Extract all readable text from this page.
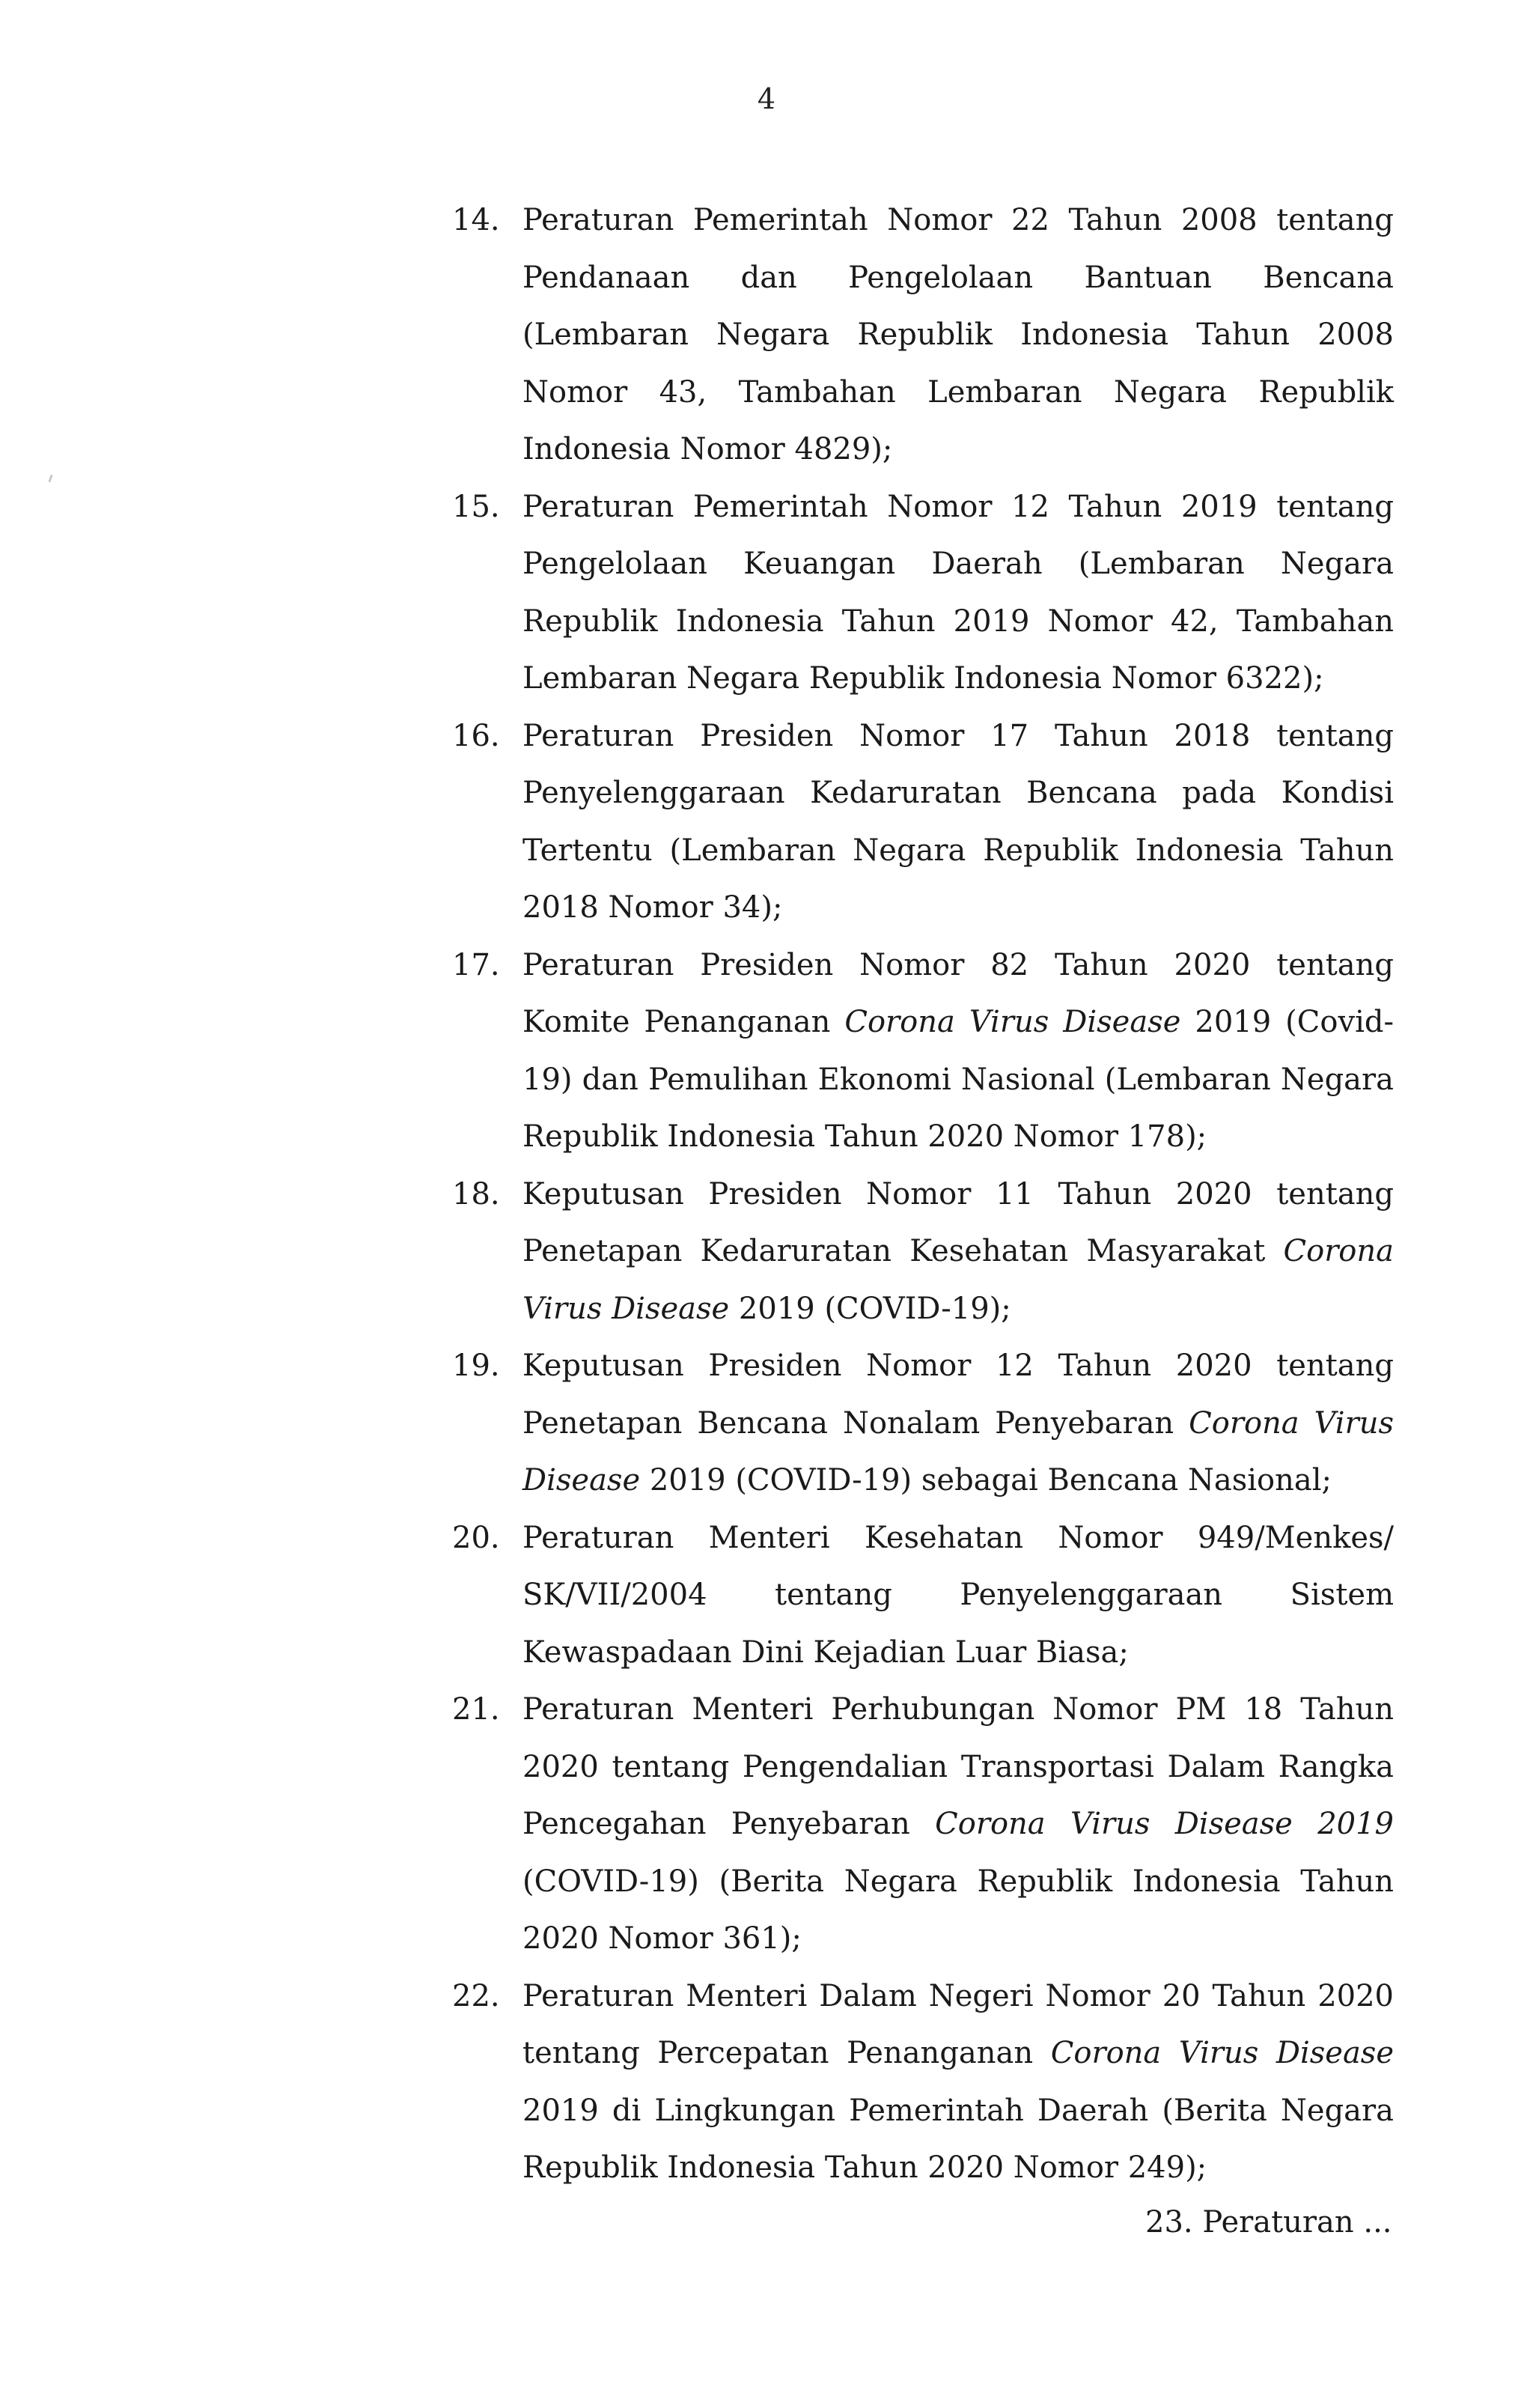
4
14. Peraturan Pemerintah Nomor 22 Tahun 2008 tentang Pendanaan dan Pengelolaan Bantuan Bencana (Lembaran Negara Republik Indonesia Tahun 2008 Nomor 43, Tambahan Lembaran Negara Republik Indonesia Nomor 4829);
15. Peraturan Pemerintah Nomor 12 Tahun 2019 tentang Pengelolaan Keuangan Daerah (Lembaran Negara Republik Indonesia Tahun 2019 Nomor 42, Tambahan Lembaran Negara Republik Indonesia Nomor 6322);
16. Peraturan Presiden Nomor 17 Tahun 2018 tentang Penyelenggaraan Kedaruratan Bencana pada Kondisi Tertentu (Lembaran Negara Republik Indonesia Tahun 2018 Nomor 34);
17. Peraturan Presiden Nomor 82 Tahun 2020 tentang Komite Penanganan Corona Virus Disease 2019 (Covid-19) dan Pemulihan Ekonomi Nasional (Lembaran Negara Republik Indonesia Tahun 2020 Nomor 178);
18. Keputusan Presiden Nomor 11 Tahun 2020 tentang Penetapan Kedaruratan Kesehatan Masyarakat Corona Virus Disease 2019 (COVID-19);
19. Keputusan Presiden Nomor 12 Tahun 2020 tentang Penetapan Bencana Nonalam Penyebaran Corona Virus Disease 2019 (COVID-19) sebagai Bencana Nasional;
20. Peraturan Menteri Kesehatan Nomor 949/Menkes/ SK/VII/2004 tentang Penyelenggaraan Sistem Kewaspadaan Dini Kejadian Luar Biasa;
21. Peraturan Menteri Perhubungan Nomor PM 18 Tahun 2020 tentang Pengendalian Transportasi Dalam Rangka Pencegahan Penyebaran Corona Virus Disease 2019 (COVID-19) (Berita Negara Republik Indonesia Tahun 2020 Nomor 361);
22. Peraturan Menteri Dalam Negeri Nomor 20 Tahun 2020 tentang Percepatan Penanganan Corona Virus Disease 2019 di Lingkungan Pemerintah Daerah (Berita Negara Republik Indonesia Tahun 2020 Nomor 249);
23. Peraturan ...
